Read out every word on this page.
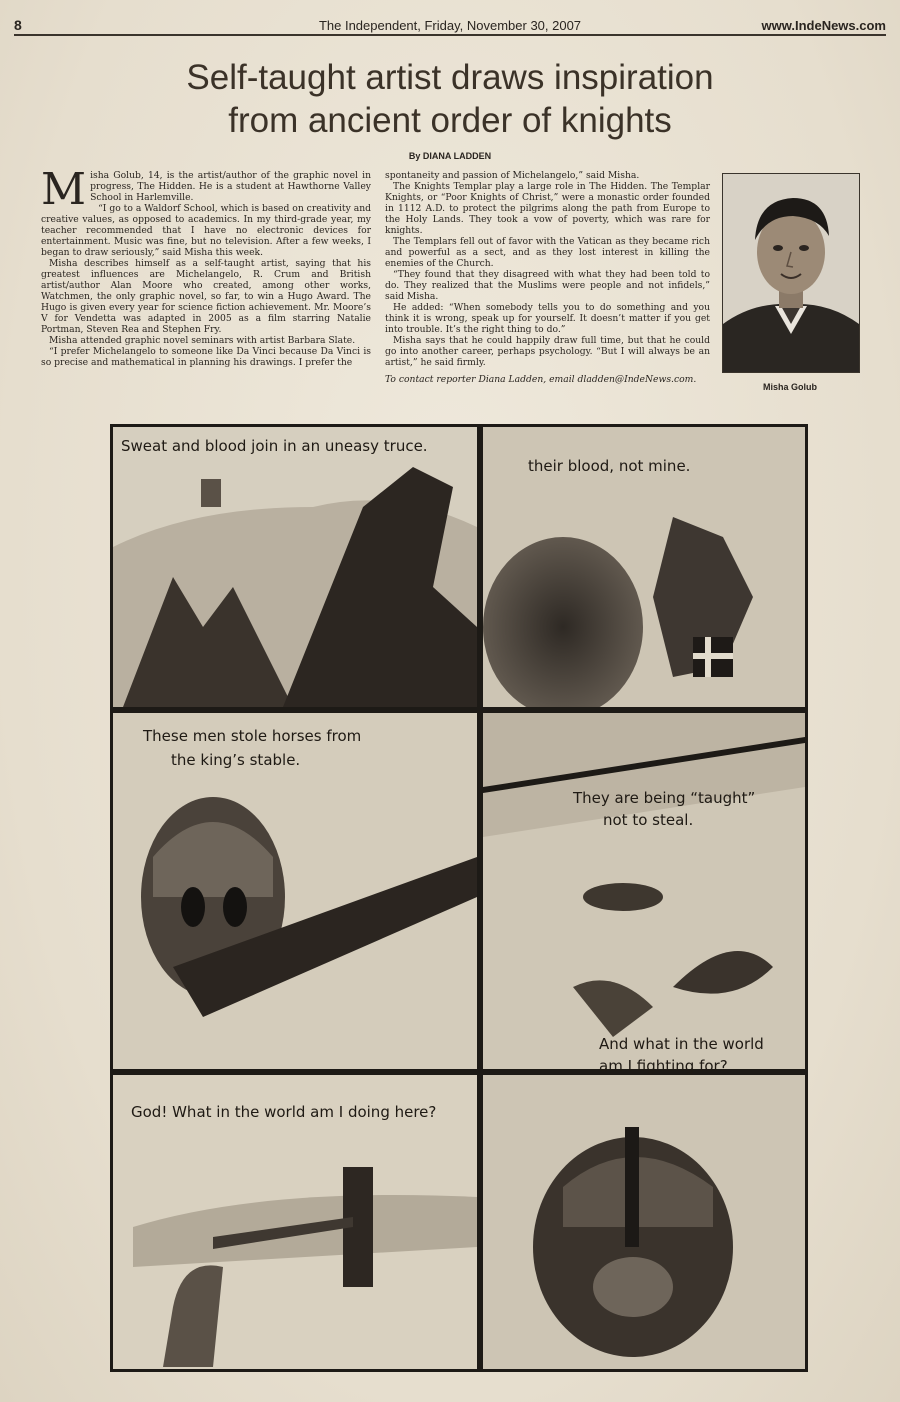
8	The Independent, Friday, November 30, 2007	www.IndeNews.com
Self-taught artist draws inspiration
from ancient order of knights
By DIANA LADDEN

Misha Golub, 14, is the artist/author of the graphic novel in progress, The Hidden. He is a student at Hawthorne Valley School in Harlemville.

“I go to a Waldorf School, which is based on creativity and creative values, as opposed to academics. In my third-grade year, my teacher recommended that I have no electronic devices for entertainment. Music was fine, but no television. After a few weeks, I began to draw seriously,” said Misha this week.

Misha describes himself as a self-taught artist, saying that his greatest influences are Michelangelo, R. Crum and British artist/author Alan Moore who created, among other works, Watchmen, the only graphic novel, so far, to win a Hugo Award. The Hugo is given every year for science fiction achievement. Mr. Moore’s V for Vendetta was adapted in 2005 as a film starring Natalie Portman, Steven Rea and Stephen Fry.

Misha attended graphic novel seminars with artist Barbara Slate.

“I prefer Michelangelo to someone like Da Vinci because Da Vinci is so precise and mathematical in planning his drawings. I prefer the

spontaneity and passion of Michelangelo,” said Misha.

The Knights Templar play a large role in The Hidden. The Templar Knights, or “Poor Knights of Christ,” were a monastic order founded in 1112 A.D. to protect the pilgrims along the path from Europe to the Holy Lands. They took a vow of poverty, which was rare for knights.

The Templars fell out of favor with the Vatican as they became rich and powerful as a sect, and as they lost interest in killing the enemies of the Church.

“They found that they disagreed with what they had been told to do. They realized that the Muslims were people and not infidels,” said Misha.

He added: “When somebody tells you to do something and you think it is wrong, speak up for yourself. It doesn’t matter if you get into trouble. It’s the right thing to do.”

Misha says that he could happily draw full time, but that he could go into another career, perhaps psychology. “But I will always be an artist,” he said firmly.

To contact reporter Diana Ladden, email dladden@IndeNews.com.

Misha Golub
Sweat and blood join in an uneasy truce.
their blood, not mine.
These men stole horses from
the king’s stable.
They are being “taught”
not to steal.
God! What in the world am I doing here?
And what in the world
am I fighting for?
